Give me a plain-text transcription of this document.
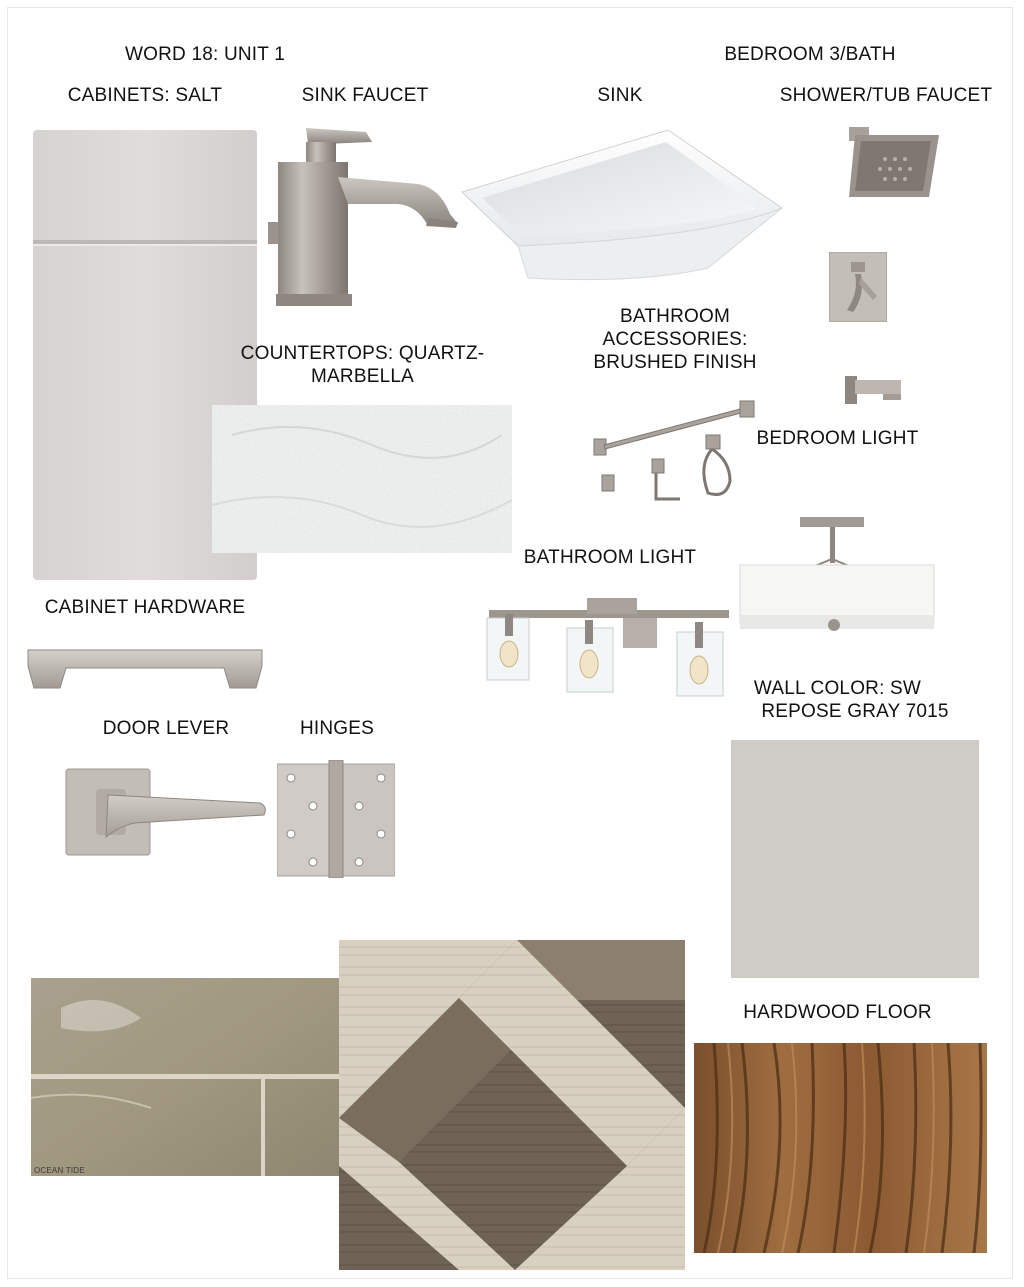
WORD 18: UNIT 1	BEDROOM 3/BATH
CABINETS: SALT	SINK FAUCET	SINK	SHOWER/TUB FAUCET
COUNTERTOPS: QUARTZ-
MARBELLA
BATHROOM
ACCESSORIES:
BRUSHED FINISH
BEDROOM LIGHT
BATHROOM LIGHT
CABINET HARDWARE
WALL COLOR: SW
REPOSE GRAY 7015
DOOR LEVER	HINGES
OCEAN TIDE
HARDWOOD FLOOR
